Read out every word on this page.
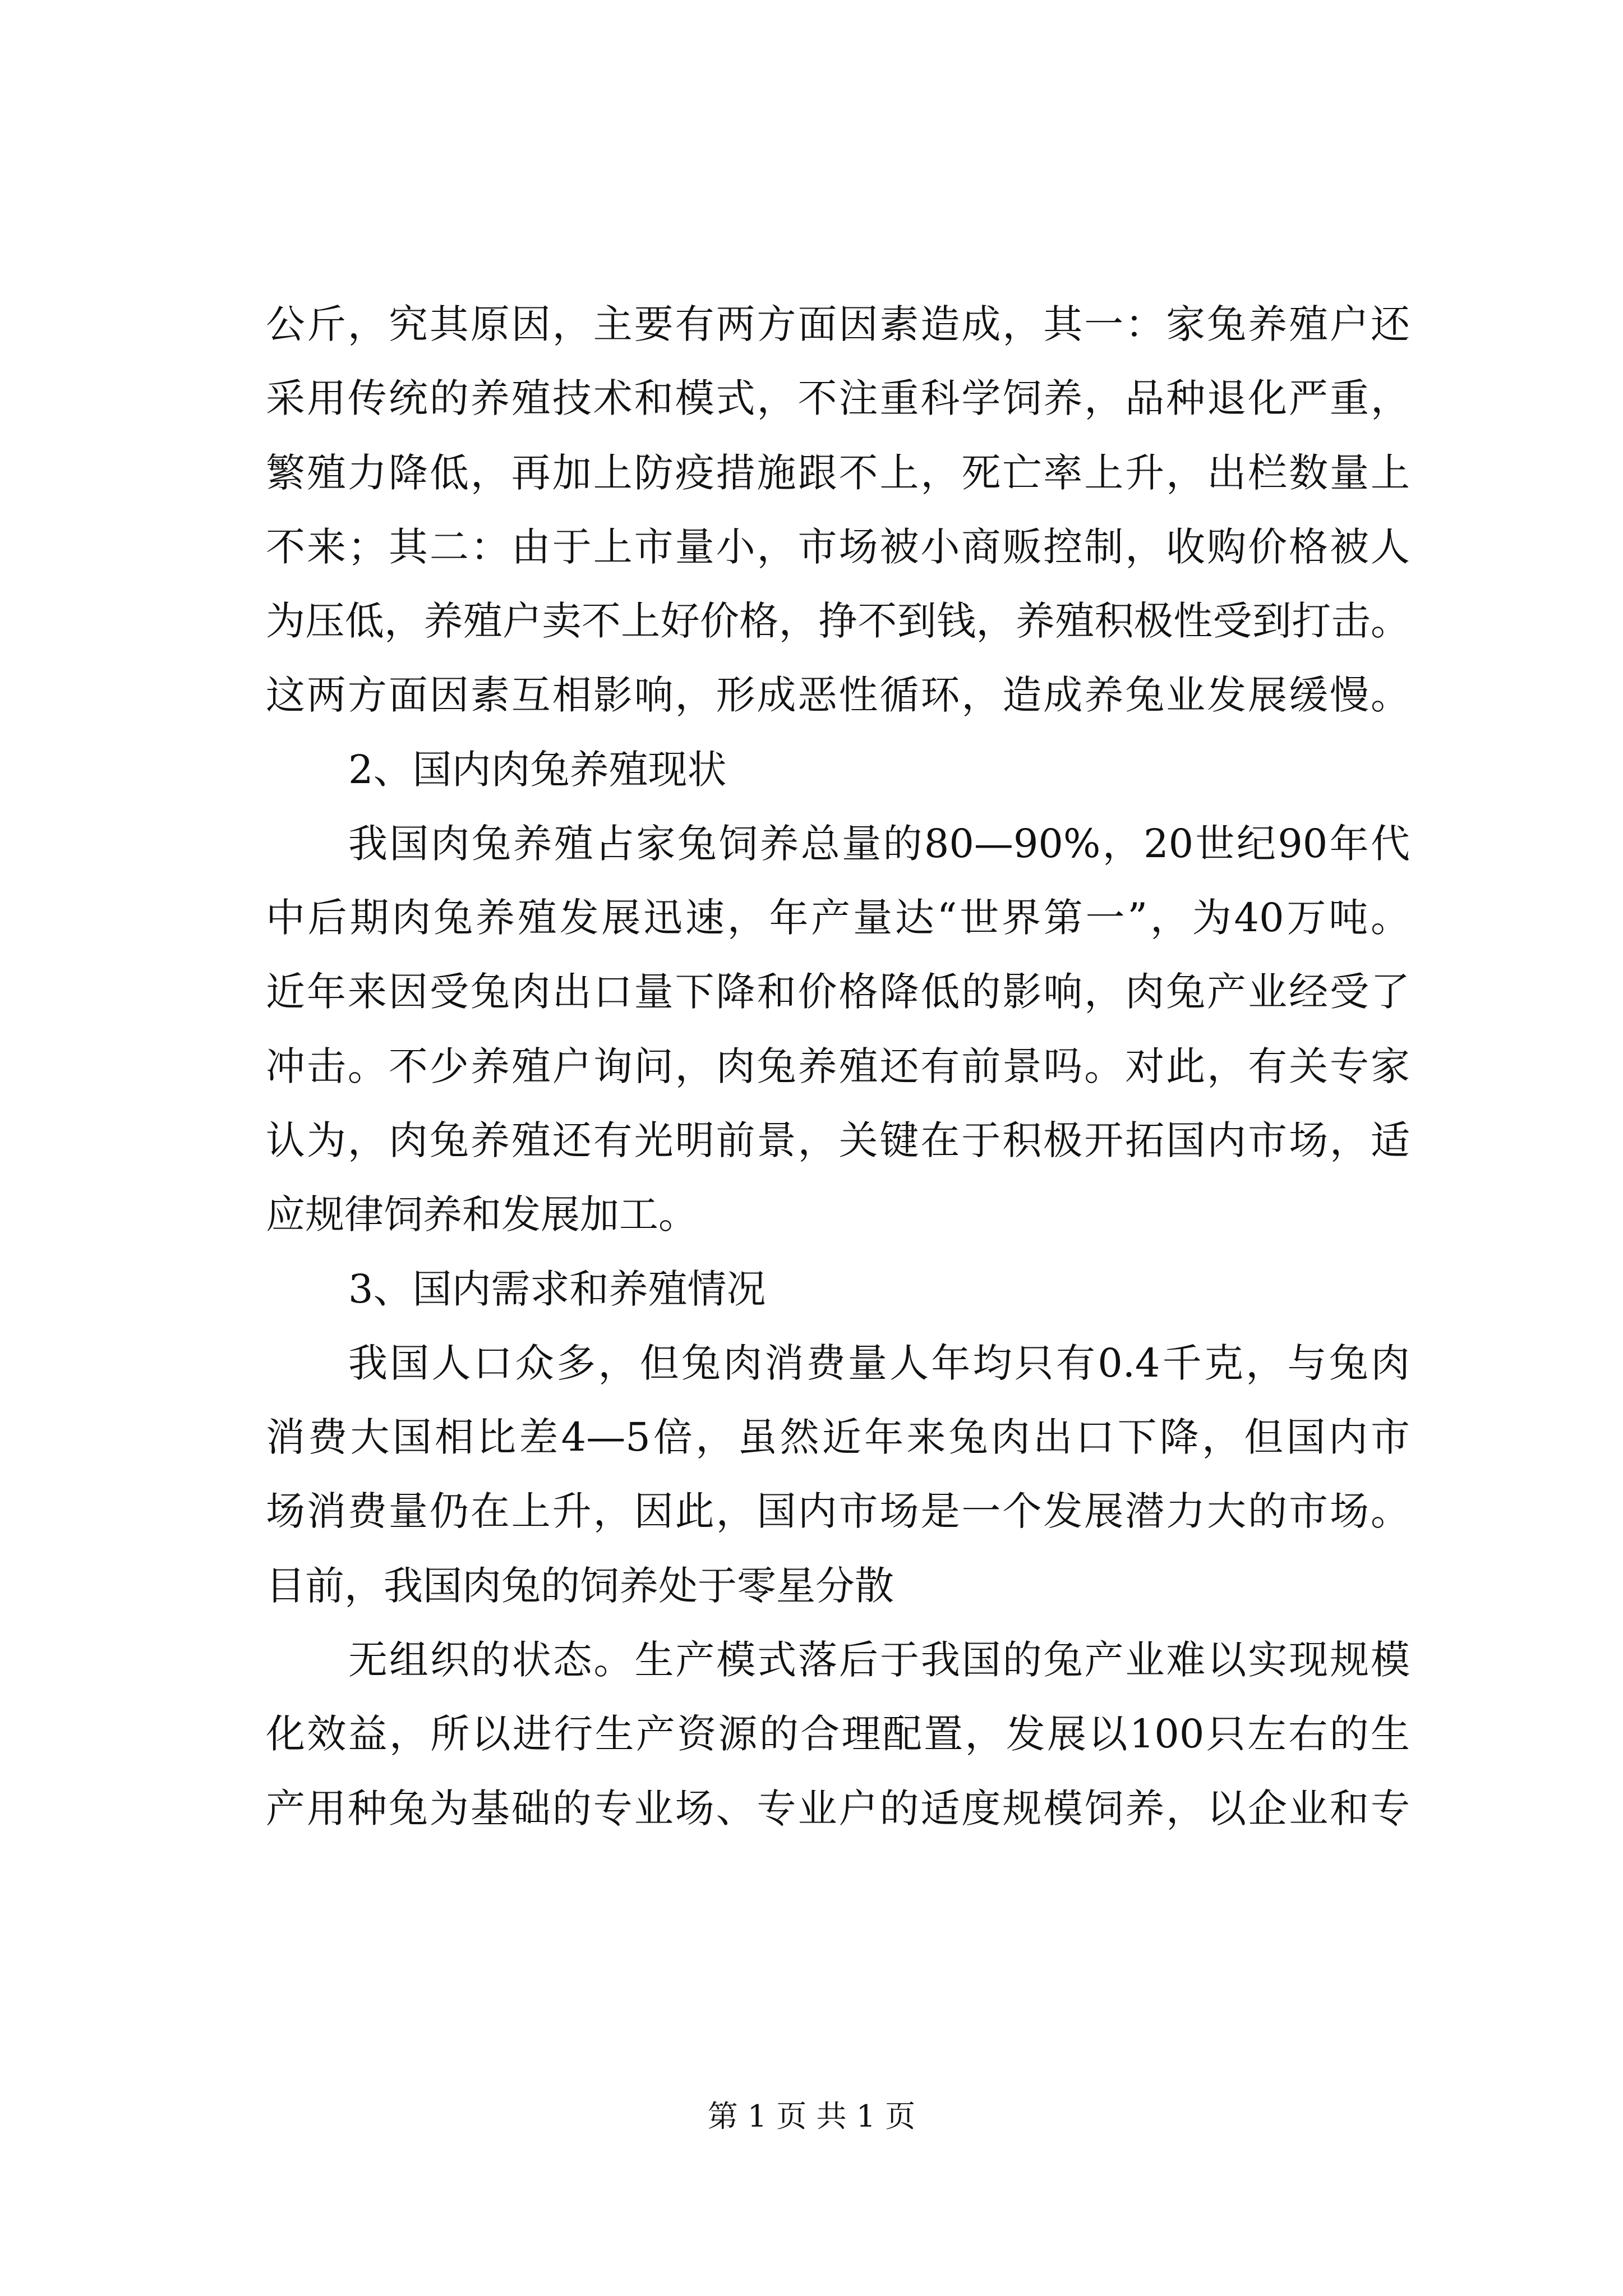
公斤，究其原因，主要有两方面因素造成，其一：家兔养殖户还
采用传统的养殖技术和模式，不注重科学饲养，品种退化严重，
繁殖力降低，再加上防疫措施跟不上，死亡率上升，出栏数量上
不来；其二：由于上市量小，市场被小商贩控制，收购价格被人
为压低，养殖户卖不上好价格，挣不到钱，养殖积极性受到打击。
这两方面因素互相影响，形成恶性循环，造成养兔业发展缓慢。
2、国内肉兔养殖现状
我国肉兔养殖占家兔饲养总量的80—90%，20世纪90年代
中后期肉兔养殖发展迅速，年产量达“世界第一”，为40万吨。
近年来因受兔肉出口量下降和价格降低的影响，肉兔产业经受了
冲击。不少养殖户询问，肉兔养殖还有前景吗。对此，有关专家
认为，肉兔养殖还有光明前景，关键在于积极开拓国内市场，适
应规律饲养和发展加工。
3、国内需求和养殖情况
我国人口众多，但兔肉消费量人年均只有0.4千克，与兔肉
消费大国相比差4—5倍，虽然近年来兔肉出口下降，但国内市
场消费量仍在上升，因此，国内市场是一个发展潜力大的市场。
目前，我国肉兔的饲养处于零星分散
无组织的状态。生产模式落后于我国的兔产业难以实现规模
化效益，所以进行生产资源的合理配置，发展以100只左右的生
产用种兔为基础的专业场、专业户的适度规模饲养，以企业和专
第 1 页 共 1 页
